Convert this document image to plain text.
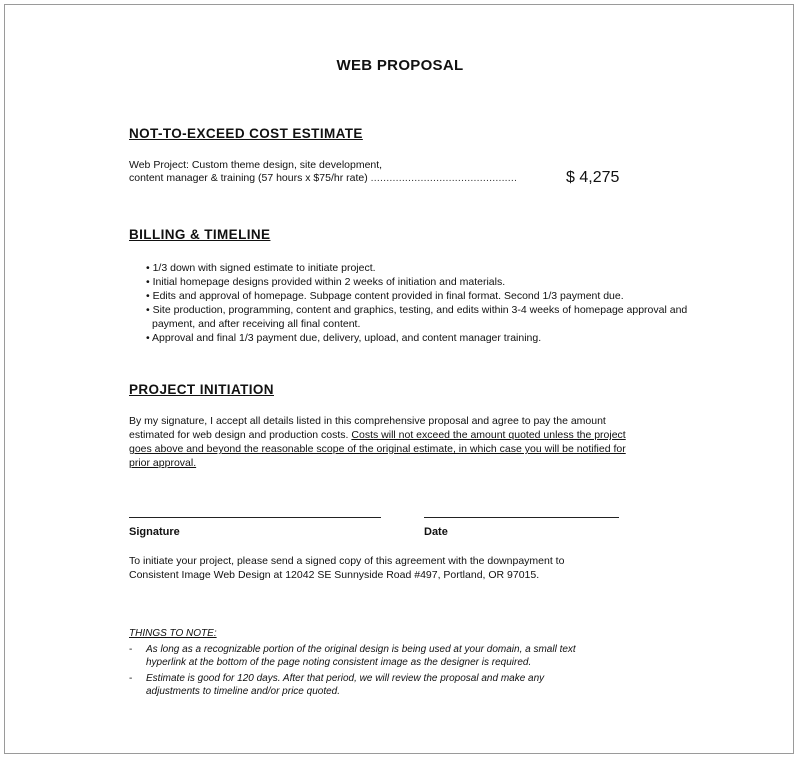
WEB PROPOSAL
NOT-TO-EXCEED COST ESTIMATE
Web Project: Custom theme design, site development,
content manager & training (57 hours x $75/hr rate) ...............................................	$ 4,275
BILLING & TIMELINE
• 1/3 down with signed estimate to initiate project.
• Initial homepage designs provided within 2 weeks of initiation and materials.
• Edits and approval of homepage. Subpage content provided in final format. Second 1/3 payment due.
• Site production, programming, content and graphics, testing, and edits within 3-4 weeks of homepage approval and payment, and after receiving all final content.
• Approval and final 1/3 payment due, delivery, upload, and content manager training.
PROJECT INITIATION
By my signature, I accept all details listed in this comprehensive proposal and agree to pay the amount estimated for web design and production costs. Costs will not exceed the amount quoted unless the project goes above and beyond the reasonable scope of the original estimate, in which case you will be notified for prior approval.
Signature	Date
To initiate your project, please send a signed copy of this agreement with the downpayment to
Consistent Image Web Design at 12042 SE Sunnyside Road #497, Portland, OR 97015.
THINGS TO NOTE:
- As long as a recognizable portion of the original design is being used at your domain, a small text hyperlink at the bottom of the page noting consistent image as the designer is required.
- Estimate is good for 120 days. After that period, we will review the proposal and make any adjustments to timeline and/or price quoted.
